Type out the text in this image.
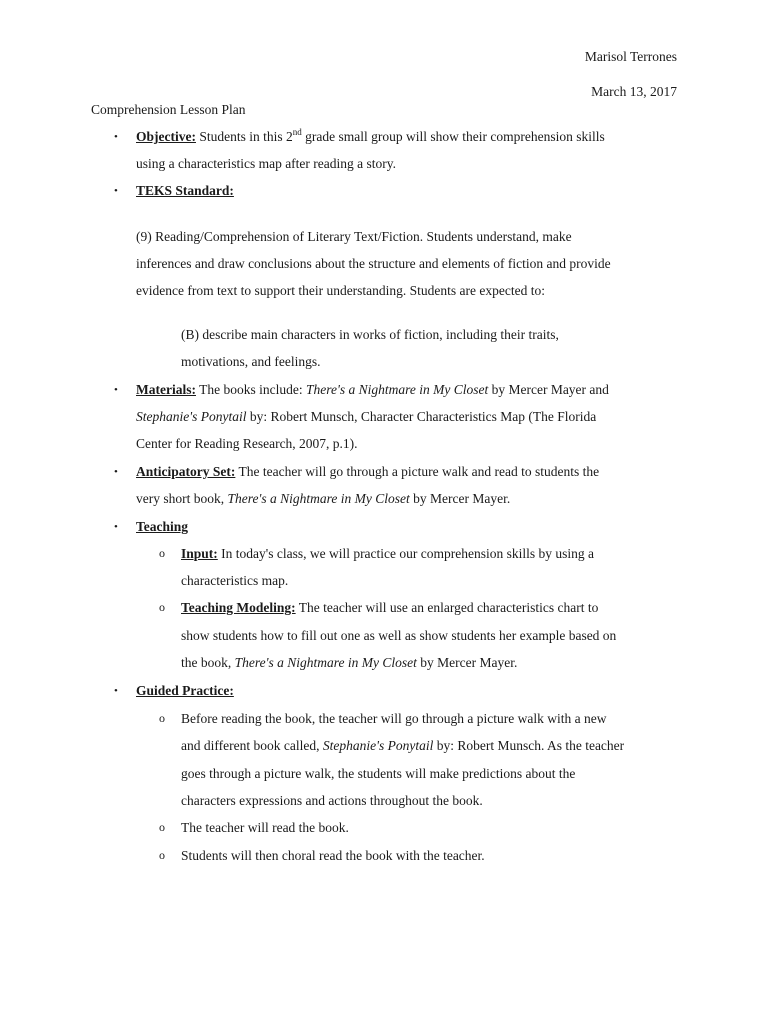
Marisol Terrones
March 13, 2017
Comprehension Lesson Plan
• Objective: Students in this 2nd grade small group will show their comprehension skills
using a characteristics map after reading a story.
• TEKS Standard:
(9) Reading/Comprehension of Literary Text/Fiction. Students understand, make
inferences and draw conclusions about the structure and elements of fiction and provide
evidence from text to support their understanding. Students are expected to:
(B) describe main characters in works of fiction, including their traits,
motivations, and feelings.
• Materials: The books include: There's a Nightmare in My Closet by Mercer Mayer and
Stephanie's Ponytail by: Robert Munsch, Character Characteristics Map (The Florida
Center for Reading Research, 2007, p.1).
• Anticipatory Set: The teacher will go through a picture walk and read to students the
very short book, There's a Nightmare in My Closet by Mercer Mayer.
• Teaching
o Input: In today's class, we will practice our comprehension skills by using a
characteristics map.
o Teaching Modeling: The teacher will use an enlarged characteristics chart to
show students how to fill out one as well as show students her example based on
the book, There's a Nightmare in My Closet by Mercer Mayer.
• Guided Practice:
o Before reading the book, the teacher will go through a picture walk with a new
and different book called, Stephanie's Ponytail by: Robert Munsch. As the teacher
goes through a picture walk, the students will make predictions about the
characters expressions and actions throughout the book.
o The teacher will read the book.
o Students will then choral read the book with the teacher.
